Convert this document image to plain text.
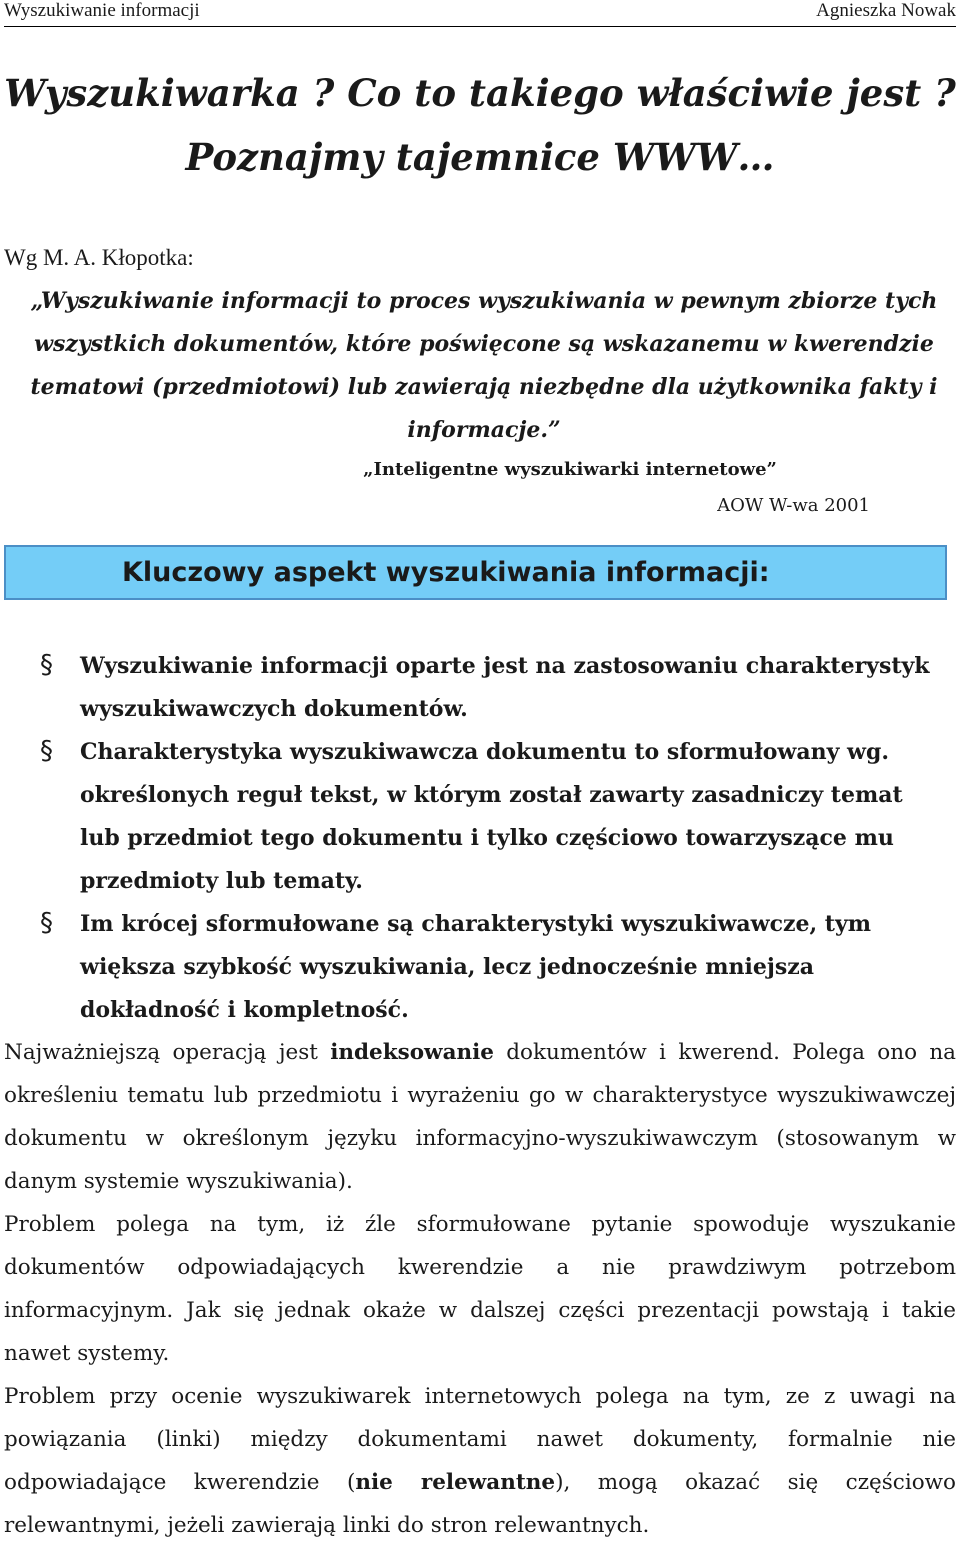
Wyszukiwanie informacji	Agnieszka Nowak
Wyszukiwarka ? Co to takiego właściwie jest ?
Poznajmy tajemnice WWW…
Wg M. A. Kłopotka:

„Wyszukiwanie informacji to proces wyszukiwania w pewnym zbiorze tych wszystkich dokumentów, które poświęcone są wskazanemu w kwerendzie tematowi (przedmiotowi) lub zawierają niezbędne dla użytkownika fakty i informacje.”

„Inteligentne wyszukiwarki internetowe”
AOW W-wa 2001
Kluczowy aspekt wyszukiwania informacji:
§ Wyszukiwanie informacji oparte jest na zastosowaniu charakterystyk wyszukiwawczych dokumentów.
§ Charakterystyka wyszukiwawcza dokumentu to sformułowany wg. określonych reguł tekst, w którym został zawarty zasadniczy temat lub przedmiot tego dokumentu i tylko częściowo towarzyszące mu przedmioty lub tematy.
§ Im krócej sformułowane są charakterystyki wyszukiwawcze, tym większa szybkość wyszukiwania, lecz jednocześnie mniejsza dokładność i kompletność.

Najważniejszą operacją jest indeksowanie dokumentów i kwerend. Polega ono na określeniu tematu lub przedmiotu i wyrażeniu go w charakterystyce wyszukiwawczej dokumentu w określonym języku informacyjno-wyszukiwawczym (stosowanym w danym systemie wyszukiwania).

Problem polega na tym, iż źle sformułowane pytanie spowoduje wyszukanie dokumentów odpowiadających kwerendzie a nie prawdziwym potrzebom informacyjnym. Jak się jednak okaże w dalszej części prezentacji powstają i takie nawet systemy.

Problem przy ocenie wyszukiwarek internetowych polega na tym, ze z uwagi na powiązania (linki) między dokumentami nawet dokumenty, formalnie nie odpowiadające kwerendzie (nie relewantne), mogą okazać się częściowo relewantnymi, jeżeli zawierają linki do stron relewantnych.
